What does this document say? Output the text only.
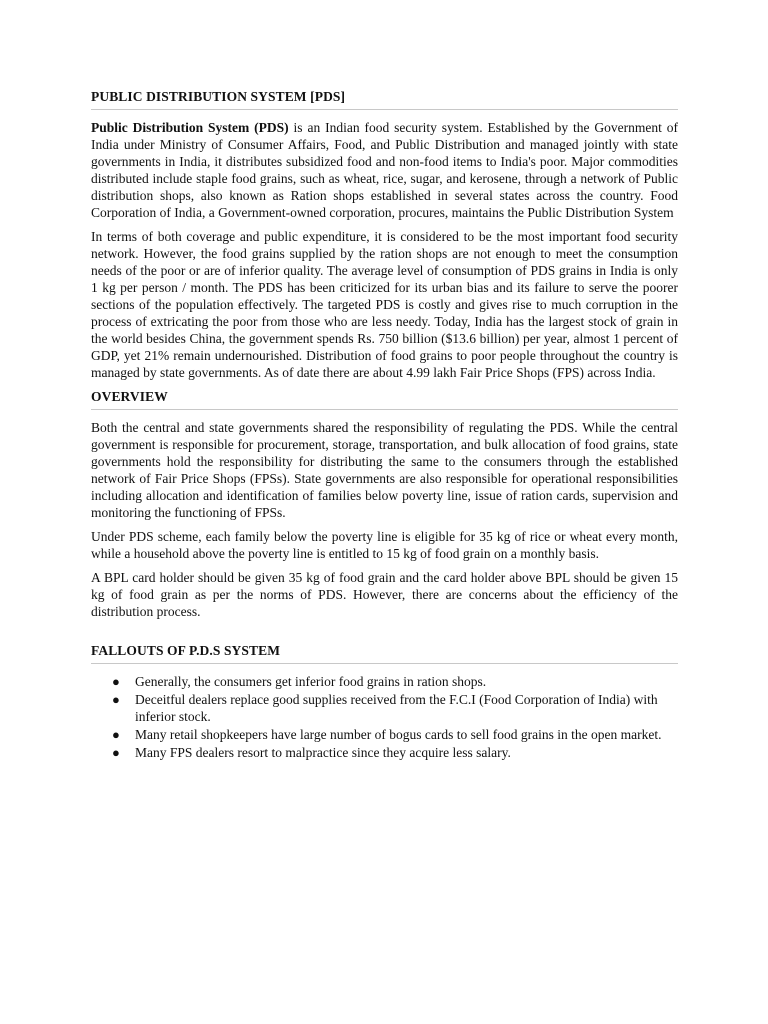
PUBLIC DISTRIBUTION SYSTEM [PDS]

Public Distribution System (PDS) is an Indian food security system. Established by the Government of India under Ministry of Consumer Affairs, Food, and Public Distribution and managed jointly with state governments in India, it distributes subsidized food and non-food items to India's poor. Major commodities distributed include staple food grains, such as wheat, rice, sugar, and kerosene, through a network of Public distribution shops, also known as Ration shops established in several states across the country. Food Corporation of India, a Government-owned corporation, procures, maintains the Public Distribution System

In terms of both coverage and public expenditure, it is considered to be the most important food security network. However, the food grains supplied by the ration shops are not enough to meet the consumption needs of the poor or are of inferior quality. The average level of consumption of PDS grains in India is only 1 kg per person / month. The PDS has been criticized for its urban bias and its failure to serve the poorer sections of the population effectively. The targeted PDS is costly and gives rise to much corruption in the process of extricating the poor from those who are less needy. Today, India has the largest stock of grain in the world besides China, the government spends Rs. 750 billion ($13.6 billion) per year, almost 1 percent of GDP, yet 21% remain undernourished. Distribution of food grains to poor people throughout the country is managed by state governments. As of date there are about 4.99 lakh Fair Price Shops (FPS) across India.

OVERVIEW

Both the central and state governments shared the responsibility of regulating the PDS. While the central government is responsible for procurement, storage, transportation, and bulk allocation of food grains, state governments hold the responsibility for distributing the same to the consumers through the established network of Fair Price Shops (FPSs). State governments are also responsible for operational responsibilities including allocation and identification of families below poverty line, issue of ration cards, supervision and monitoring the functioning of FPSs.

Under PDS scheme, each family below the poverty line is eligible for 35 kg of rice or wheat every month, while a household above the poverty line is entitled to 15 kg of food grain on a monthly basis.

A BPL card holder should be given 35 kg of food grain and the card holder above BPL should be given 15 kg of food grain as per the norms of PDS. However, there are concerns about the efficiency of the distribution process.

FALLOUTS OF P.D.S SYSTEM
● Generally, the consumers get inferior food grains in ration shops.
● Deceitful dealers replace good supplies received from the F.C.I (Food Corporation of India) with inferior stock.
● Many retail shopkeepers have large number of bogus cards to sell food grains in the open market.
● Many FPS dealers resort to malpractice since they acquire less salary.
